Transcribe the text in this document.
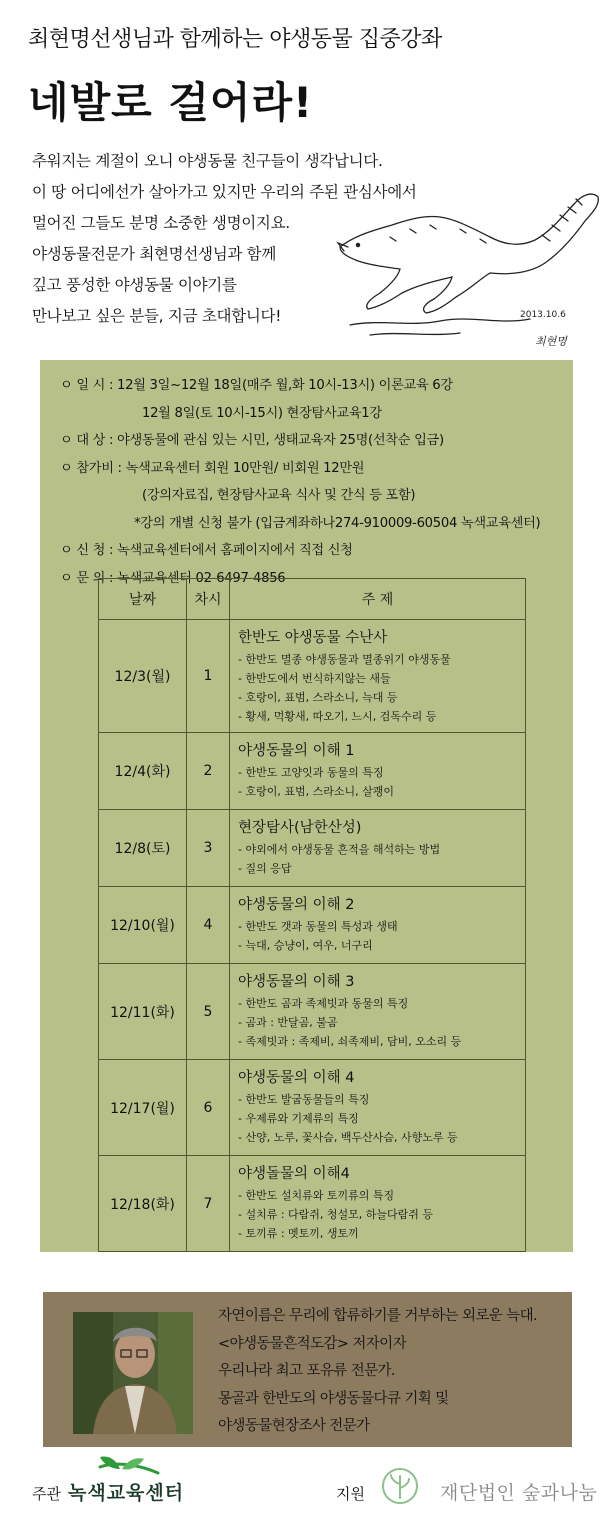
최현명선생님과 함께하는 야생동물 집중강좌
네발로 걸어라!
추워지는 계절이 오니 야생동물 친구들이 생각납니다.
이 땅 어디에선가 살아가고 있지만 우리의 주된 관심사에서
멀어진 그들도 분명 소중한 생명이지요.
야생동물전문가 최현명선생님과 함께
깊고 풍성한 야생동물 이야기를
만나보고 싶은 분들, 지금 초대합니다!	2013.10.6
최현명
ㅇ 일 시 : 12월 3일~12월 18일(매주 월,화 10시-13시) 이론교육 6강
12월 8일(토 10시-15시) 현장탐사교육1강
ㅇ 대 상 : 야생동물에 관심 있는 시민, 생태교육자 25명(선착순 입금)
ㅇ 참가비 : 녹색교육센터 회원 10만원/ 비회원 12만원
(강의자료집, 현장탐사교육 식사 및 간식 등 포함)
*강의 개별 신청 불가 (입금계좌하나274-910009-60504 녹색교육센터)
ㅇ 신 청 : 녹색교육센터에서 홈페이지에서 직접 신청
ㅇ 문 의 : 녹색교육센터 02-6497-4856
날짜	차시	주 제
12/3(월)	1	한반도 야생동물 수난사
- 한반도 멸종 야생동물과 멸종위기 야생동물
- 한반도에서 번식하지않는 새들
- 호랑이, 표범, 스라소니, 늑대 등
- 황새, 먹황새, 따오기, 느시, 검독수리 등

12/4(화)	2	야생동물의 이해 1
- 한반도 고양잇과 동물의 특징
- 호랑이, 표범, 스라소니, 살쾡이

12/8(토)	3	현장탐사(남한산성)
- 야외에서 야생동물 흔적을 해석하는 방법
- 질의 응답

12/10(월)	4	야생동물의 이해 2
- 한반도 갯과 동물의 특성과 생태
- 늑대, 승냥이, 여우, 너구리

12/11(화)	5	야생동물의 이해 3
- 한반도 곰과 족제빗과 동물의 특징
- 곰과 : 반달곰, 불곰
- 족제빗과 : 족제비, 쇠족제비, 담비, 오소리 등

12/17(월)	6	야생동물의 이해 4
- 한반도 발굽동물들의 특징
- 우제류와 기제류의 특징
- 산양, 노루, 꽃사슴, 백두산사슴, 사향노루 등

12/18(화)	7	야생돌물의 이해4
- 한반도 설치류와 토끼류의 특징
- 설치류 : 다람쥐, 청설모, 하늘다람쥐 등
- 토끼류 : 멧토끼, 생토끼
자연이름은 무리에 합류하기를 거부하는 외로운 늑대.
<야생동물흔적도감> 저자이자
우리나라 최고 포유류 전문가.
몽골과 한반도의 야생동물다큐 기획 및
야생동물현장조사 전문가
주관 녹색교육센터	지원	재단법인 숲과나눔
